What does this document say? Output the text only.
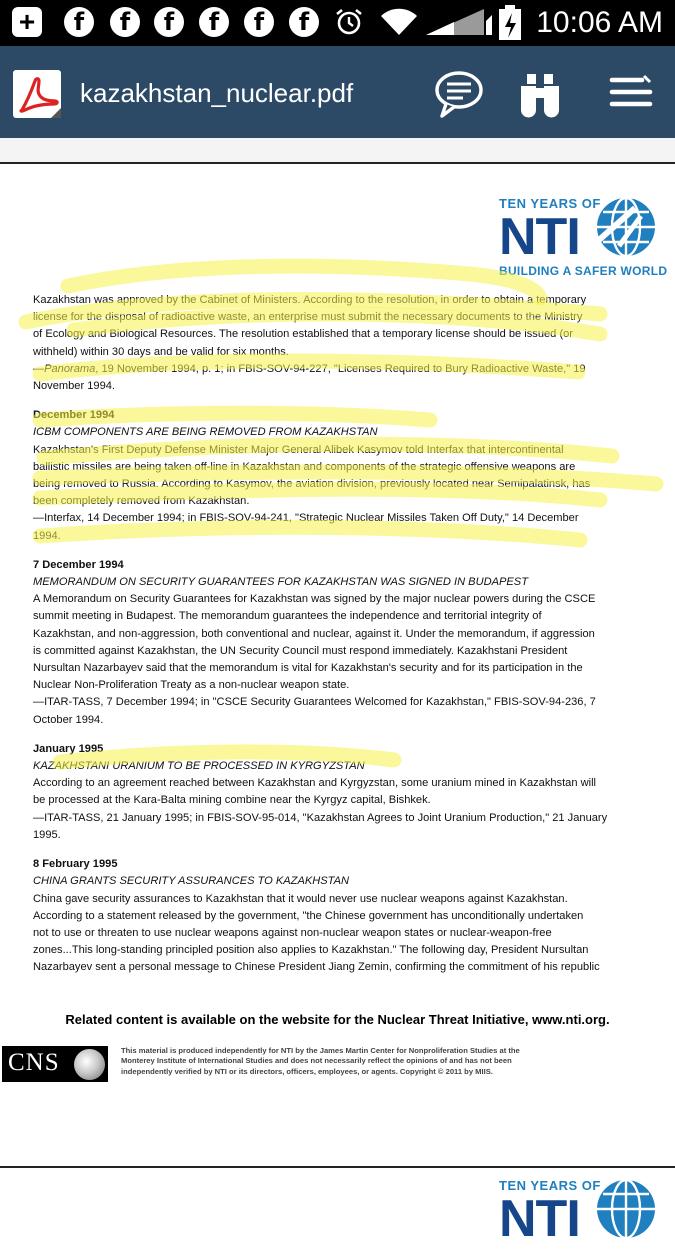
+	f	f	f	f	f	f	10:06 AM
kazakhstan_nuclear.pdf
TEN YEARS OF
NTI
BUILDING A SAFER WORLD

Kazakhstan was approved by the Cabinet of Ministers. According to the resolution, in order to obtain a temporary

license for the disposal of radioactive waste, an enterprise must submit the necessary documents to the Ministry

of Ecology and Biological Resources. The resolution established that a temporary license should be issued (or

withheld) within 30 days and be valid for six months.

—Panorama, 19 November 1994, p. 1; in FBIS-SOV-94-227, "Licenses Required to Bury Radioactive Waste," 19

November 1994.

December 1994

ICBM COMPONENTS ARE BEING REMOVED FROM KAZAKHSTAN

Kazakhstan's First Deputy Defense Minister Major General Alibek Kasymov told Interfax that intercontinental

ballistic missiles are being taken off-line in Kazakhstan and components of the strategic offensive weapons are

being removed to Russia. According to Kasymov, the aviation division, previously located near Semipalatinsk, has

been completely removed from Kazakhstan.

—Interfax, 14 December 1994; in FBIS-SOV-94-241, "Strategic Nuclear Missiles Taken Off Duty," 14 December

1994.

7 December 1994

MEMORANDUM ON SECURITY GUARANTEES FOR KAZAKHSTAN WAS SIGNED IN BUDAPEST

A Memorandum on Security Guarantees for Kazakhstan was signed by the major nuclear powers during the CSCE

summit meeting in Budapest. The memorandum guarantees the independence and territorial integrity of

Kazakhstan, and non-aggression, both conventional and nuclear, against it. Under the memorandum, if aggression

is committed against Kazakhstan, the UN Security Council must respond immediately. Kazakhstani President

Nursultan Nazarbayev said that the memorandum is vital for Kazakhstan's security and for its participation in the

Nuclear Non-Proliferation Treaty as a non-nuclear weapon state.

—ITAR-TASS, 7 December 1994; in "CSCE Security Guarantees Welcomed for Kazakhstan," FBIS-SOV-94-236, 7

October 1994.

January 1995

KAZAKHSTANI URANIUM TO BE PROCESSED IN KYRGYZSTAN

According to an agreement reached between Kazakhstan and Kyrgyzstan, some uranium mined in Kazakhstan will

be processed at the Kara-Balta mining combine near the Kyrgyz capital, Bishkek.

—ITAR-TASS, 21 January 1995; in FBIS-SOV-95-014, "Kazakhstan Agrees to Joint Uranium Production," 21 January

1995.

8 February 1995

CHINA GRANTS SECURITY ASSURANCES TO KAZAKHSTAN

China gave security assurances to Kazakhstan that it would never use nuclear weapons against Kazakhstan.

According to a statement released by the government, "the Chinese government has unconditionally undertaken

not to use or threaten to use nuclear weapons against non-nuclear weapon states or nuclear-weapon-free

zones...This long-standing principled position also applies to Kazakhstan." The following day, President Nursultan

Nazarbayev sent a personal message to Chinese President Jiang Zemin, confirming the commitment of his republic

Related content is available on the website for the Nuclear Threat Initiative, www.nti.org.
CNS	This material is produced independently for NTI by the James Martin Center for Nonproliferation Studies at the

Monterey Institute of International Studies and does not necessarily reflect the opinions of and has not been

independently verified by NTI or its directors, officers, employees, or agents. Copyright © 2011 by MIIS.

TEN YEARS OF
NTI
